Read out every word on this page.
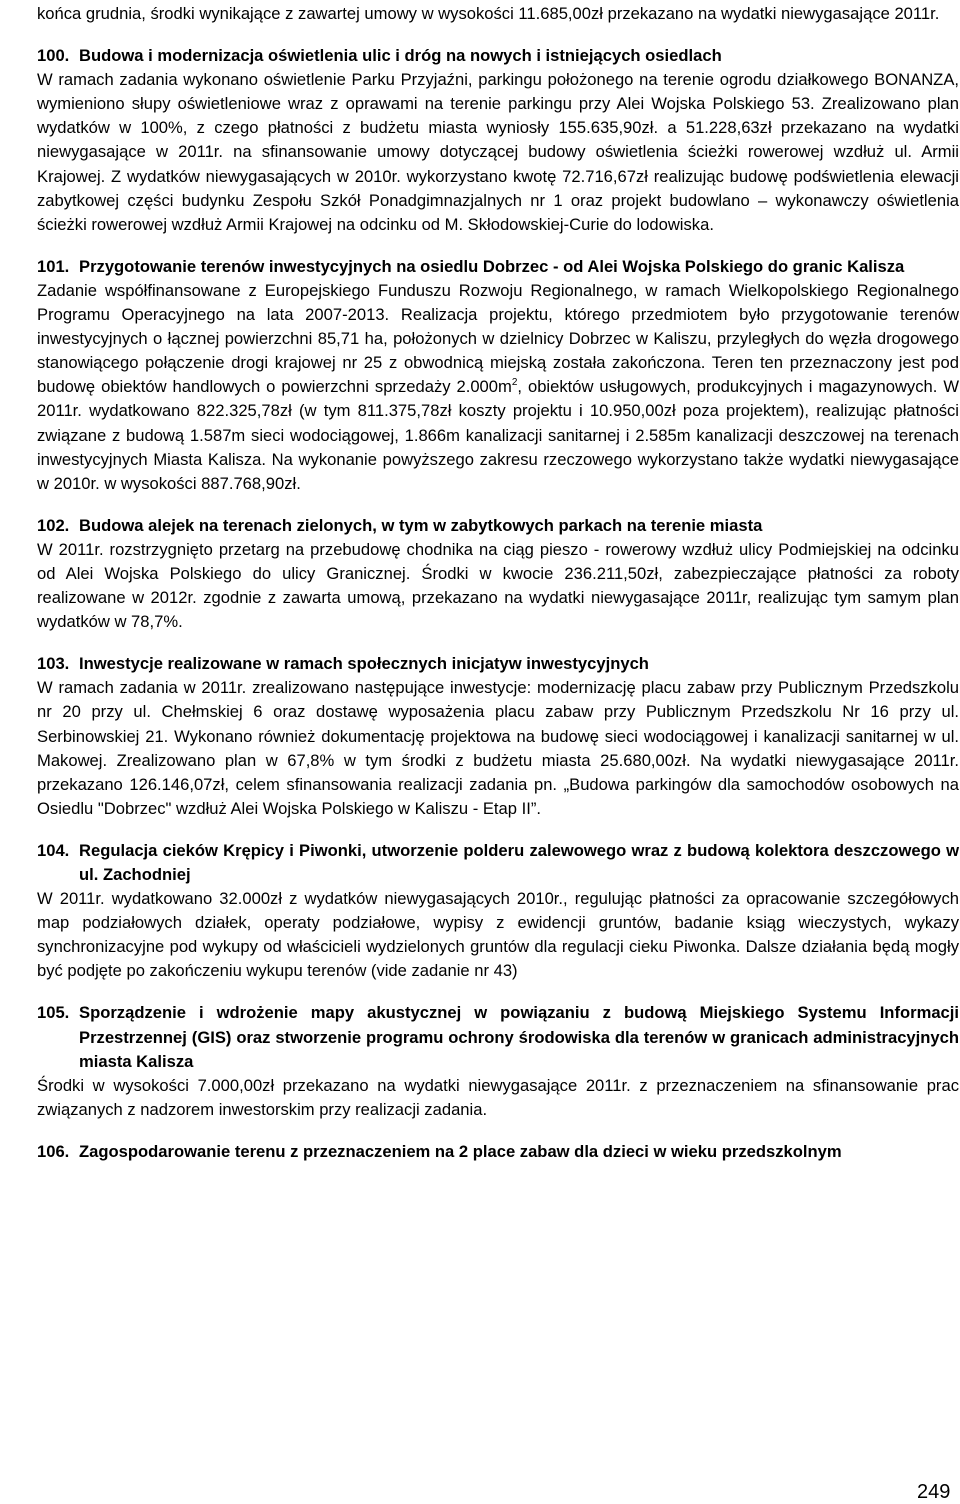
końca grudnia, środki wynikające z zawartej umowy w wysokości 11.685,00zł przekazano na wydatki niewygasające 2011r.

100. Budowa i modernizacja oświetlenia ulic i dróg na nowych i istniejących osiedlach

W ramach zadania wykonano oświetlenie Parku Przyjaźni, parkingu położonego na terenie ogrodu działkowego BONANZA, wymieniono słupy oświetleniowe wraz z oprawami na terenie parkingu przy Alei Wojska Polskiego 53. Zrealizowano plan wydatków w 100%, z czego płatności z budżetu miasta wyniosły 155.635,90zł. a 51.228,63zł przekazano na wydatki niewygasające w 2011r. na sfinansowanie umowy dotyczącej budowy oświetlenia ścieżki rowerowej wzdłuż ul. Armii Krajowej. Z wydatków niewygasających w 2010r. wykorzystano kwotę 72.716,67zł realizując budowę podświetlenia elewacji zabytkowej części budynku Zespołu Szkół Ponadgimnazjalnych nr 1 oraz projekt budowlano – wykonawczy oświetlenia ścieżki rowerowej wzdłuż Armii Krajowej na odcinku od M. Skłodowskiej-Curie do lodowiska.

101. Przygotowanie terenów inwestycyjnych na osiedlu Dobrzec - od Alei Wojska Polskiego do granic Kalisza

Zadanie współfinansowane z Europejskiego Funduszu Rozwoju Regionalnego, w ramach Wielkopolskiego Regionalnego Programu Operacyjnego na lata 2007-2013. Realizacja projektu, którego przedmiotem było przygotowanie terenów inwestycyjnych o łącznej powierzchni 85,71 ha, położonych w dzielnicy Dobrzec w Kaliszu, przyległych do węzła drogowego stanowiącego połączenie drogi krajowej nr 25 z obwodnicą miejską została zakończona. Teren ten przeznaczony jest pod budowę obiektów handlowych o powierzchni sprzedaży $2.000m^2$, obiektów usługowych, produkcyjnych i magazynowych. W 2011r. wydatkowano 822.325,78zł (w tym 811.375,78zł koszty projektu i 10.950,00zł poza projektem), realizując płatności związane z budową 1.587m sieci wodociągowej, 1.866m kanalizacji sanitarnej i 2.585m kanalizacji deszczowej na terenach inwestycyjnych Miasta Kalisza. Na wykonanie powyższego zakresu rzeczowego wykorzystano także wydatki niewygasające w 2010r. w wysokości 887.768,90zł.

102. Budowa alejek na terenach zielonych, w tym w zabytkowych parkach na terenie miasta

W 2011r. rozstrzygnięto przetarg na przebudowę chodnika na ciąg pieszo - rowerowy wzdłuż ulicy Podmiejskiej na odcinku od Alei Wojska Polskiego do ulicy Granicznej. Środki w kwocie 236.211,50zł, zabezpieczające płatności za roboty realizowane w 2012r. zgodnie z zawarta umową, przekazano na wydatki niewygasające 2011r, realizując tym samym plan wydatków w 78,7%.

103. Inwestycje realizowane w ramach społecznych inicjatyw inwestycyjnych

W ramach zadania w 2011r. zrealizowano następujące inwestycje: modernizację placu zabaw przy Publicznym Przedszkolu nr 20 przy ul. Chełmskiej 6 oraz dostawę wyposażenia placu zabaw przy Publicznym Przedszkolu Nr 16 przy ul. Serbinowskiej 21. Wykonano również dokumentację projektowa na budowę sieci wodociągowej i kanalizacji sanitarnej w ul. Makowej. Zrealizowano plan w 67,8% w tym środki z budżetu miasta 25.680,00zł. Na wydatki niewygasające 2011r. przekazano 126.146,07zł, celem sfinansowania realizacji zadania pn. „Budowa parkingów dla samochodów osobowych na Osiedlu "Dobrzec" wzdłuż Alei Wojska Polskiego w Kaliszu - Etap II”.

104. Regulacja cieków Krępicy i Piwonki, utworzenie polderu zalewowego wraz z budową kolektora deszczowego w ul. Zachodniej

W 2011r. wydatkowano 32.000zł z wydatków niewygasających 2010r., regulując płatności za opracowanie szczegółowych map podziałowych działek, operaty podziałowe, wypisy z ewidencji gruntów, badanie ksiąg wieczystych, wykazy synchronizacyjne pod wykupy od właścicieli wydzielonych gruntów dla regulacji cieku Piwonka. Dalsze działania będą mogły być podjęte po zakończeniu wykupu terenów (vide zadanie nr 43)

105. Sporządzenie i wdrożenie mapy akustycznej w powiązaniu z budową Miejskiego Systemu Informacji Przestrzennej (GIS) oraz stworzenie programu ochrony środowiska dla terenów w granicach administracyjnych miasta Kalisza

Środki w wysokości 7.000,00zł przekazano na wydatki niewygasające 2011r. z przeznaczeniem na sfinansowanie prac związanych z nadzorem inwestorskim przy realizacji zadania.

106. Zagospodarowanie terenu z przeznaczeniem na 2 place zabaw dla dzieci w wieku przedszkolnym
249
